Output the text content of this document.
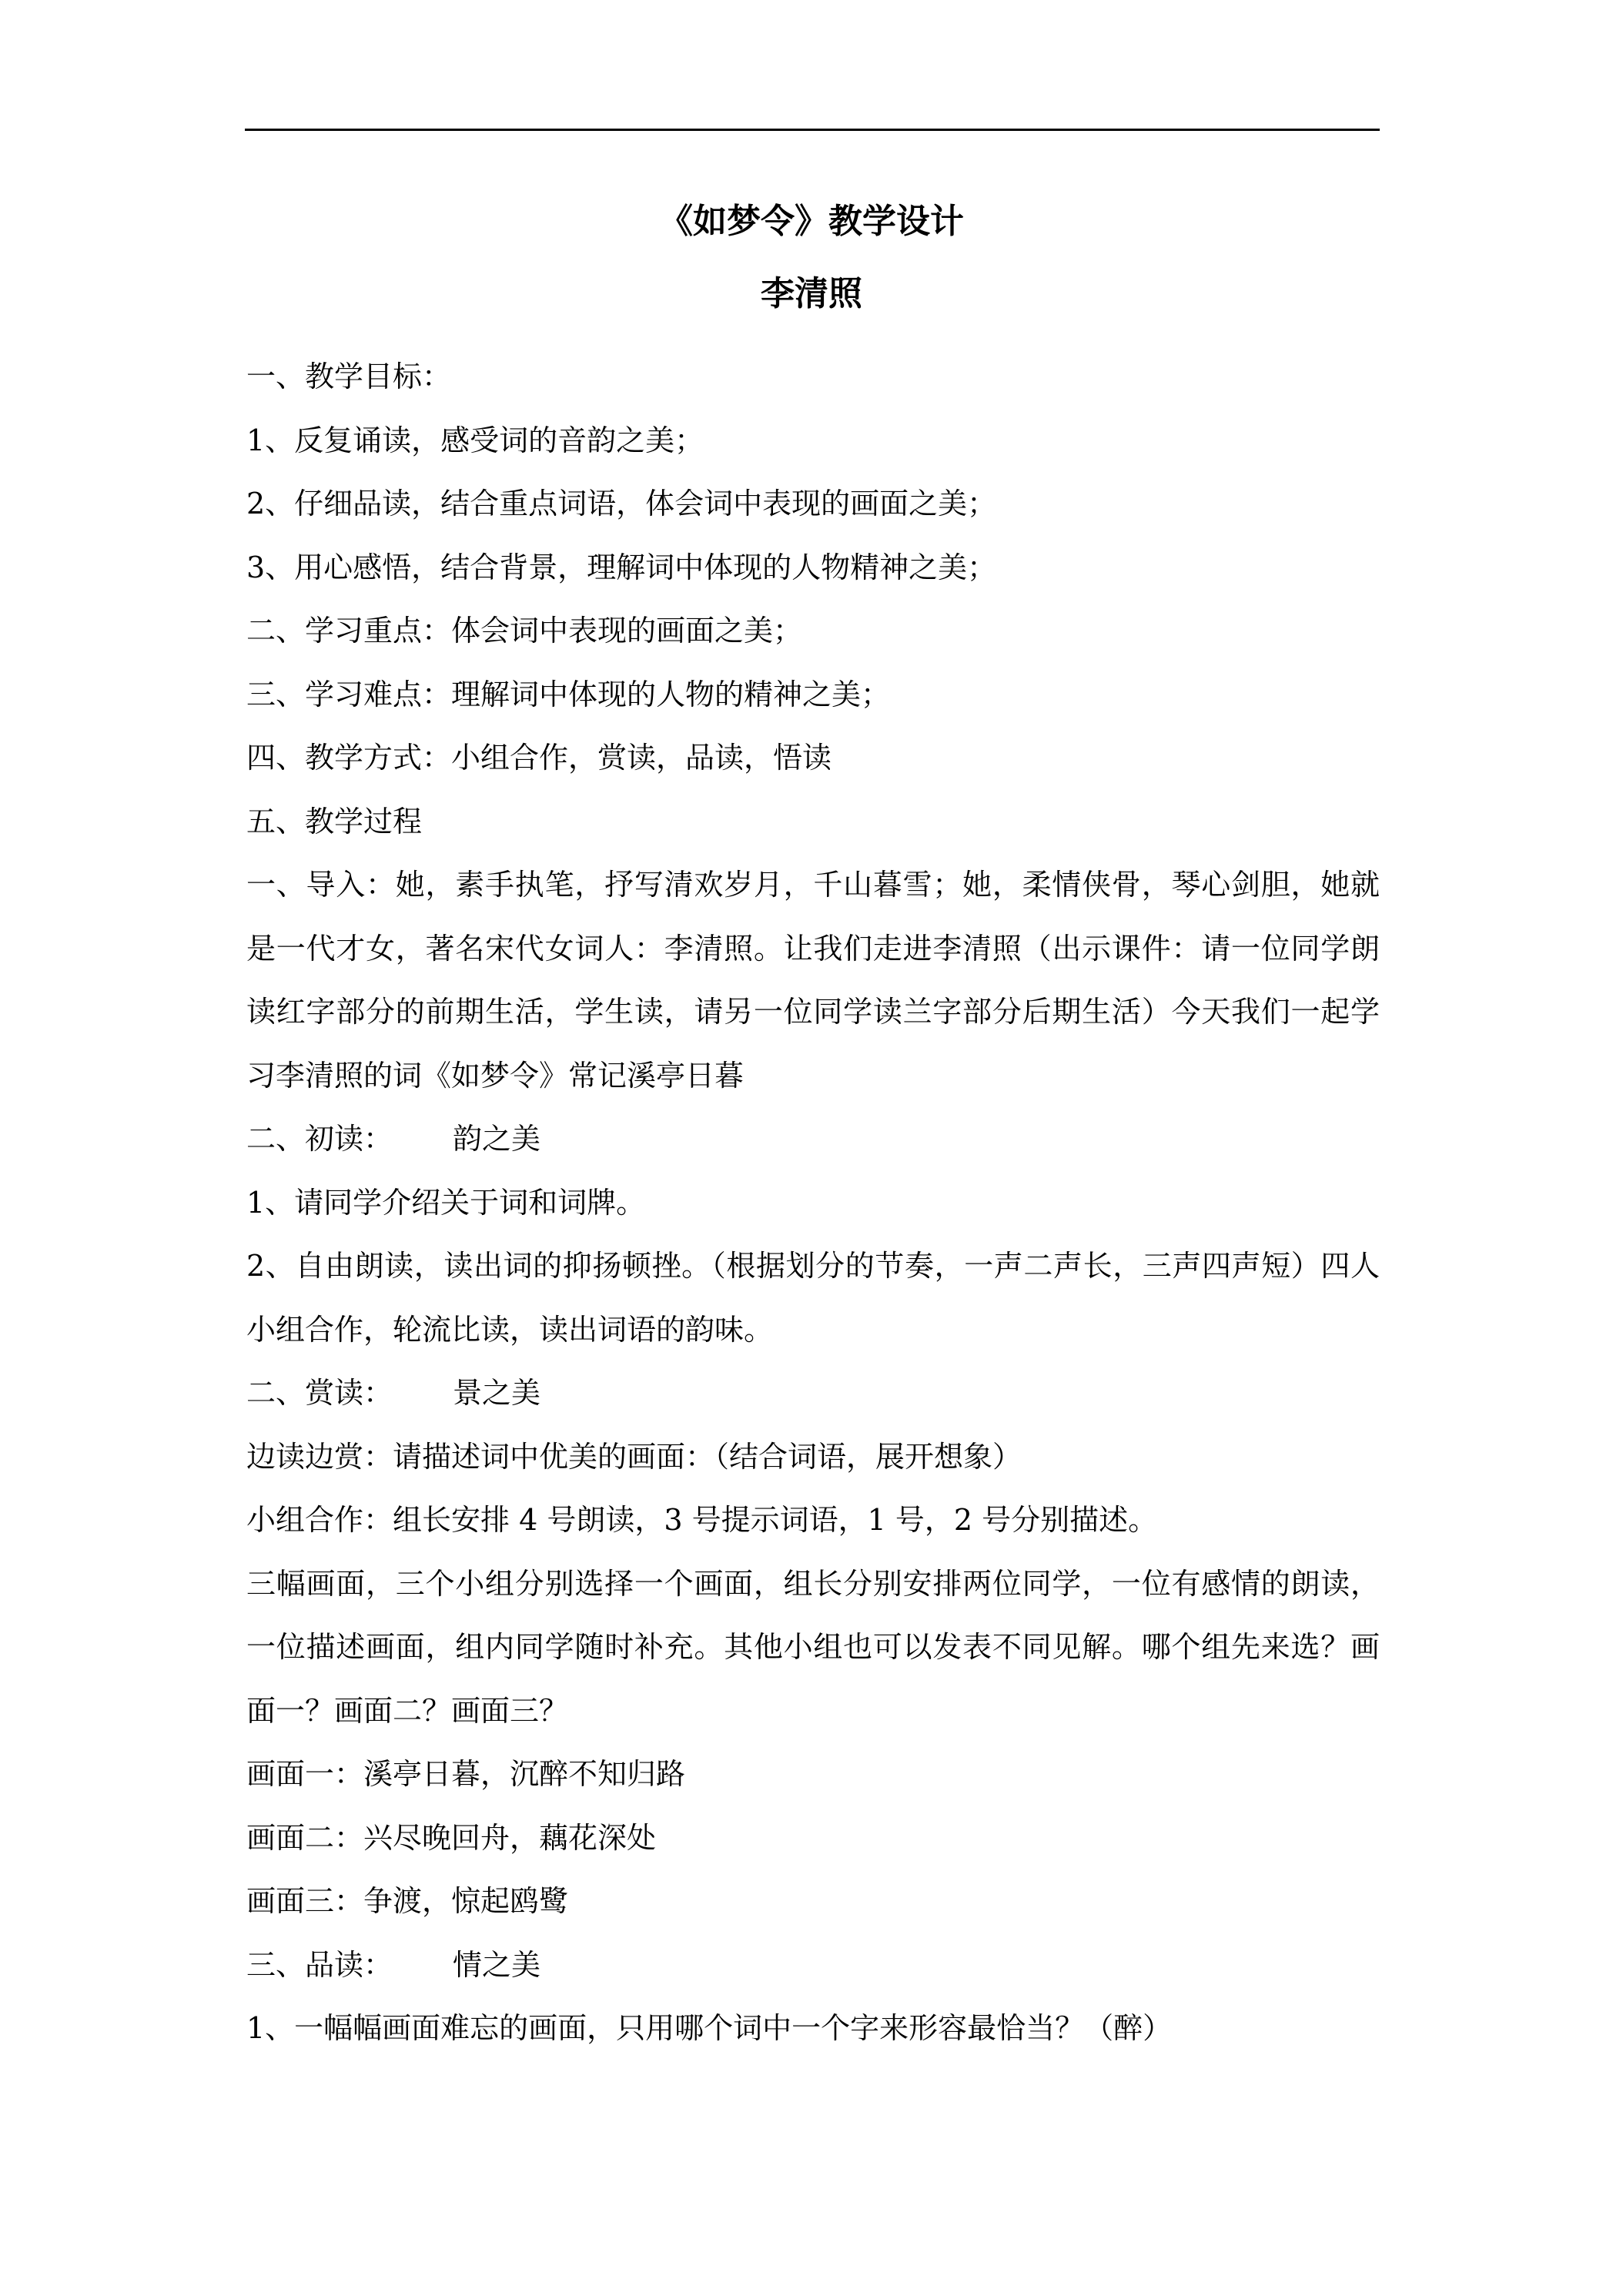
《如梦令》教学设计
李清照

一、教学目标：

1、反复诵读，感受词的音韵之美；

2、仔细品读，结合重点词语，体会词中表现的画面之美；

3、用心感悟，结合背景，理解词中体现的人物精神之美；

二、学习重点：体会词中表现的画面之美；

三、学习难点：理解词中体现的人物的精神之美；

四、教学方式：小组合作，赏读，品读，悟读

五、教学过程

一、导入：她，素手执笔，抒写清欢岁月，千山暮雪；她，柔情侠骨，琴心剑胆，她就是一代才女，著名宋代女词人：李清照。让我们走进李清照（出示课件：请一位同学朗读红字部分的前期生活，学生读，请另一位同学读兰字部分后期生活）今天我们一起学习李清照的词《如梦令》常记溪亭日暮

二、初读： 韵之美

1、请同学介绍关于词和词牌。

2、自由朗读，读出词的抑扬顿挫。（根据划分的节奏，一声二声长，三声四声短）四人小组合作，轮流比读，读出词语的韵味。

二、赏读： 景之美

边读边赏：请描述词中优美的画面：（结合词语，展开想象）

小组合作：组长安排 4 号朗读，3 号提示词语，1 号，2 号分别描述。

三幅画面，三个小组分别选择一个画面，组长分别安排两位同学，一位有感情的朗读，一位描述画面，组内同学随时补充。其他小组也可以发表不同见解。哪个组先来选？画面一？画面二？画面三？

画面一：溪亭日暮，沉醉不知归路

画面二：兴尽晚回舟，藕花深处

画面三：争渡，惊起鸥鹭

三、品读： 情之美

1、一幅幅画面难忘的画面，只用哪个词中一个字来形容最恰当？（醉）
